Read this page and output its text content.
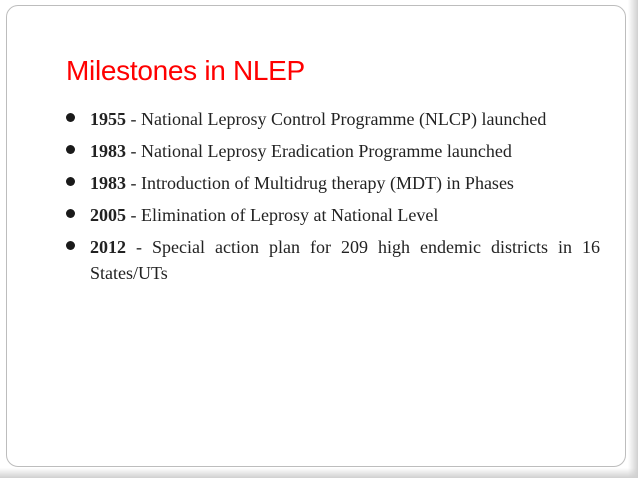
Milestones in NLEP
1955 - National Leprosy Control Programme (NLCP) launched
1983 - National Leprosy Eradication Programme launched
1983 - Introduction of Multidrug therapy (MDT) in Phases
2005 - Elimination of Leprosy at National Level
2012 - Special action plan for 209 high endemic districts in 16 States/UTs
